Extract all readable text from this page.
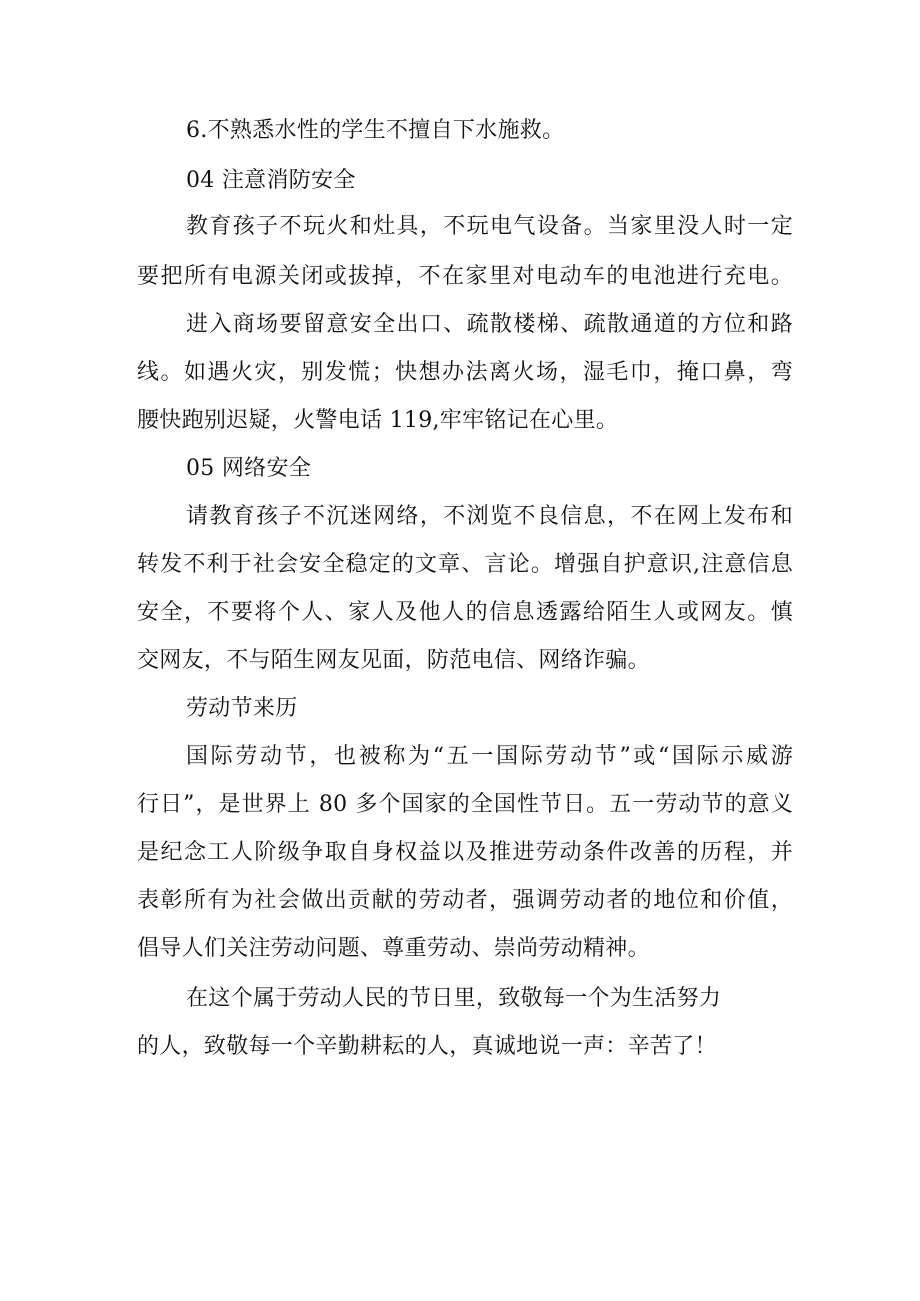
6.不熟悉水性的学生不擅自下水施救。
04 注意消防安全
教育孩子不玩火和灶具，不玩电气设备。当家里没人时一定
要把所有电源关闭或拔掉，不在家里对电动车的电池进行充电。
进入商场要留意安全出口、疏散楼梯、疏散通道的方位和路
线。如遇火灾，别发慌；快想办法离火场，湿毛巾，掩口鼻，弯
腰快跑别迟疑，火警电话 119,牢牢铭记在心里。
05 网络安全
请教育孩子不沉迷网络，不浏览不良信息，不在网上发布和
转发不利于社会安全稳定的文章、言论。增强自护意识,注意信息
安全，不要将个人、家人及他人的信息透露给陌生人或网友。慎
交网友，不与陌生网友见面，防范电信、网络诈骗。
劳动节来历
国际劳动节，也被称为“五一国际劳动节”或“国际示威游
行日”，是世界上 80 多个国家的全国性节日。五一劳动节的意义
是纪念工人阶级争取自身权益以及推进劳动条件改善的历程，并
表彰所有为社会做出贡献的劳动者，强调劳动者的地位和价值，
倡导人们关注劳动问题、尊重劳动、崇尚劳动精神。
在这个属于劳动人民的节日里，致敬每一个为生活努力
的人，致敬每一个辛勤耕耘的人，真诚地说一声：辛苦了！
